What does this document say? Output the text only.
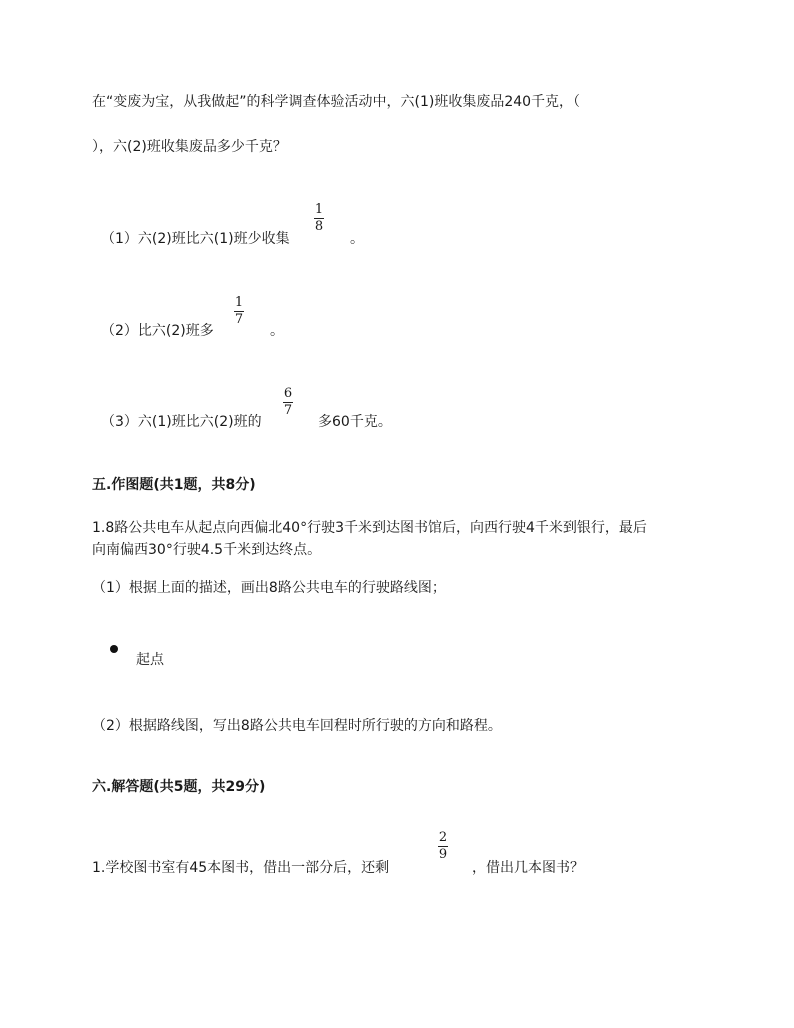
在“变废为宝，从我做起”的科学调查体验活动中，六(1)班收集废品240千克，（
），六(2)班收集废品多少千克？
（1）六(2)班比六(1)班少收集
1
8
。
（2）比六(2)班多
1
7
。
（3）六(1)班比六(2)班的
6
7
多60千克。
五.作图题(共1题，共8分)
1.8路公共电车从起点向西偏北40°行驶3千米到达图书馆后，向西行驶4千米到银行，最后
向南偏西30°行驶4.5千米到达终点。
（1）根据上面的描述，画出8路公共电车的行驶路线图；
起点
（2）根据路线图，写出8路公共电车回程时所行驶的方向和路程。
六.解答题(共5题，共29分)
1.学校图书室有45本图书，借出一部分后，还剩
2
9
，借出几本图书？
